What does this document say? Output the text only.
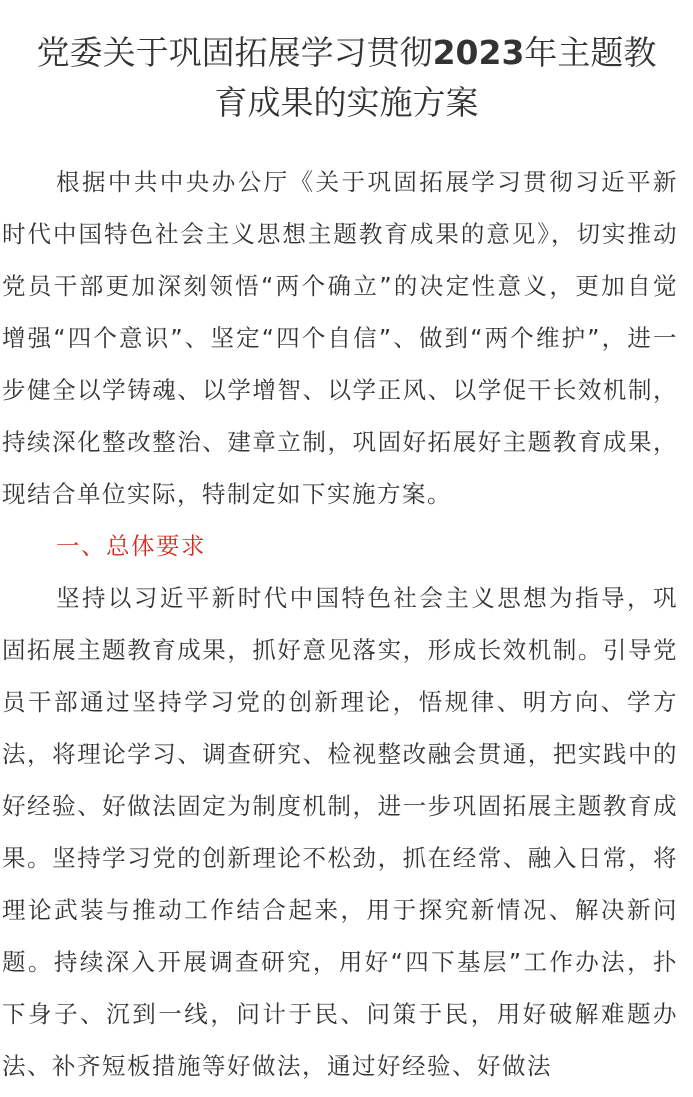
党委关于巩固拓展学习贯彻2023年主题教
育成果的实施方案

根据中共中央办公厅《关于巩固拓展学习贯彻习近平新时代中国特色社会主义思想主题教育成果的意见》，切实推动党员干部更加深刻领悟“两个确立”的决定性意义，更加自觉增强“四个意识”、坚定“四个自信”、做到“两个维护”，进一步健全以学铸魂、以学增智、以学正风、以学促干长效机制，持续深化整改整治、建章立制，巩固好拓展好主题教育成果，现结合单位实际，特制定如下实施方案。

一、总体要求

坚持以习近平新时代中国特色社会主义思想为指导，巩固拓展主题教育成果，抓好意见落实，形成长效机制。引导党员干部通过坚持学习党的创新理论，悟规律、明方向、学方法，将理论学习、调查研究、检视整改融会贯通，把实践中的好经验、好做法固定为制度机制，进一步巩固拓展主题教育成果。坚持学习党的创新理论不松劲，抓在经常、融入日常，将理论武装与推动工作结合起来，用于探究新情况、解决新问题。持续深入开展调查研究，用好“四下基层”工作办法，扑下身子、沉到一线，问计于民、问策于民，用好破解难题办法、补齐短板措施等好做法，通过好经验、好做法
